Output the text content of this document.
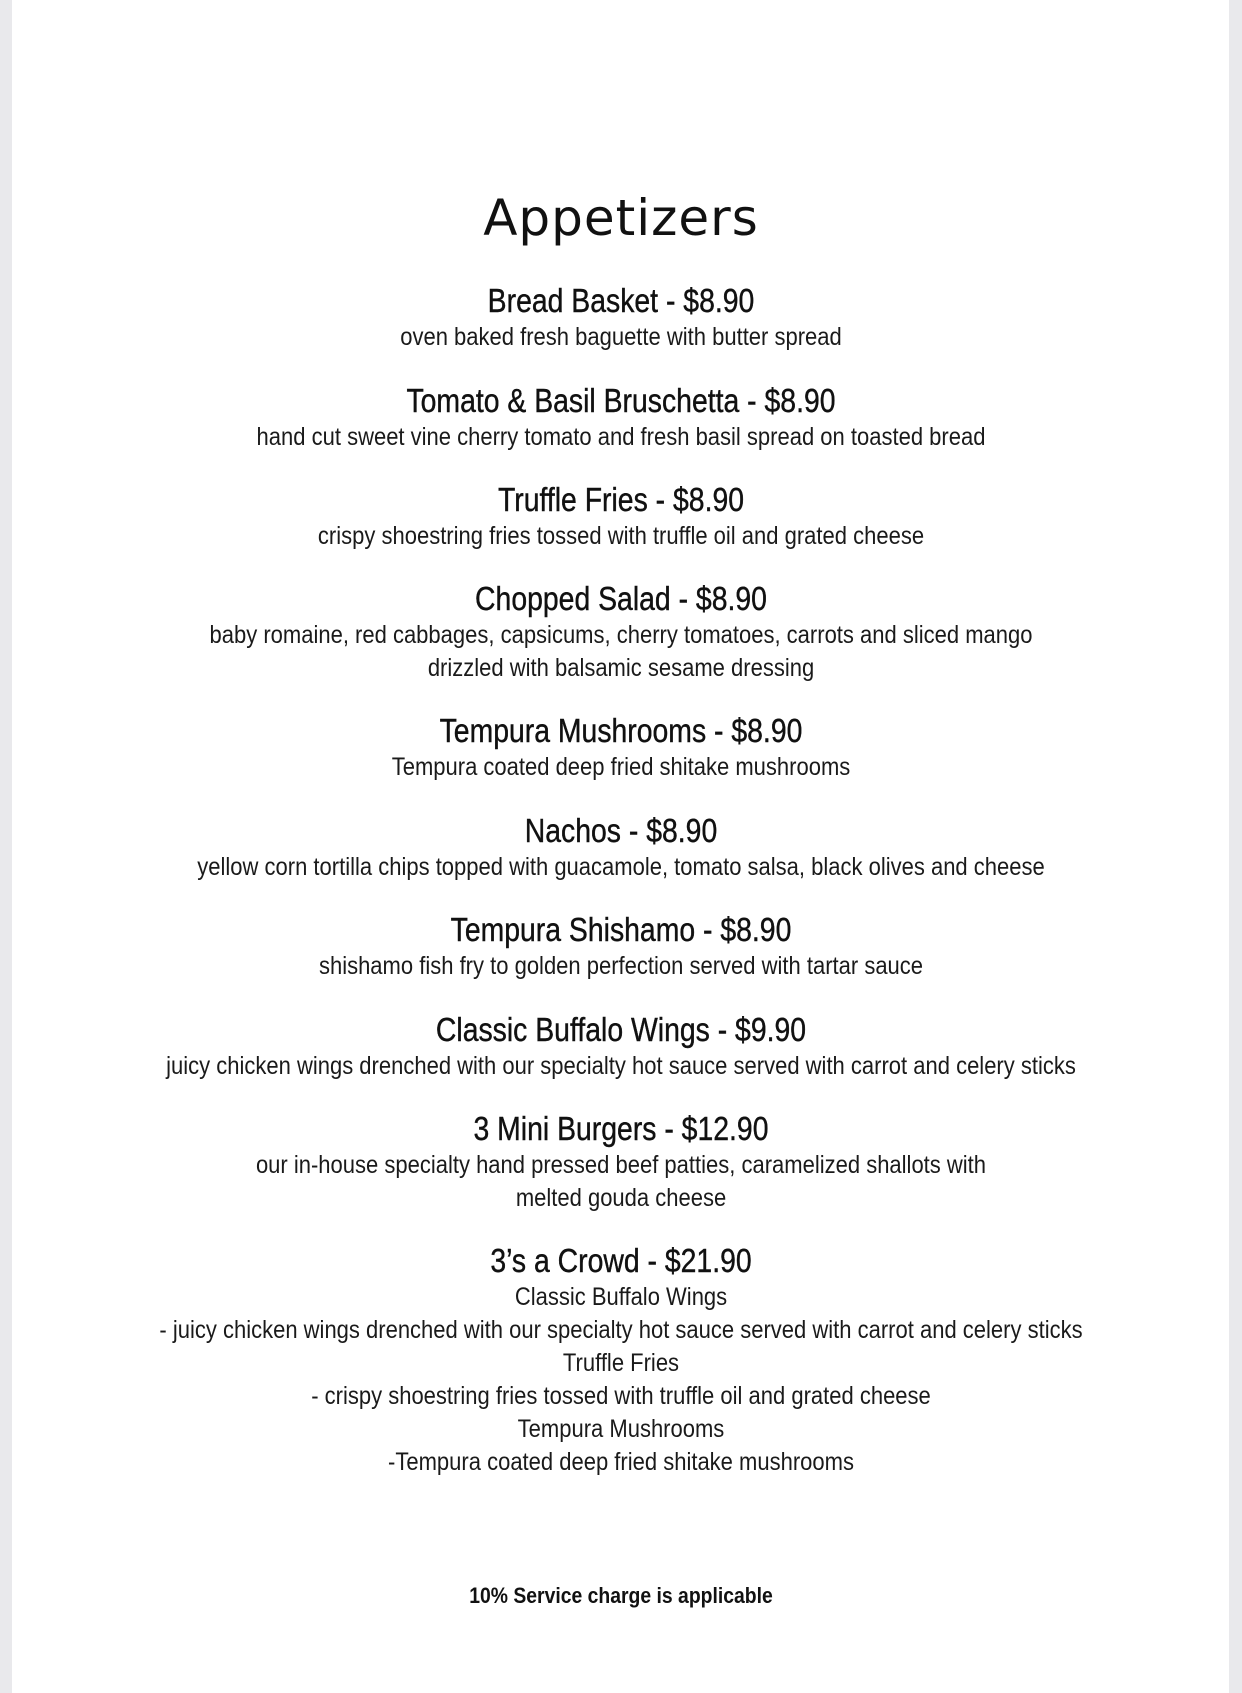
Appetizers
Bread Basket - $8.90
oven baked fresh baguette with butter spread
Tomato & Basil Bruschetta - $8.90
hand cut sweet vine cherry tomato and fresh basil spread on toasted bread
Truffle Fries - $8.90
crispy shoestring fries tossed with truffle oil and grated cheese
Chopped Salad - $8.90
baby romaine, red cabbages, capsicums, cherry tomatoes, carrots and sliced mango
drizzled with balsamic sesame dressing
Tempura Mushrooms - $8.90
Tempura coated deep fried shitake mushrooms
Nachos - $8.90
yellow corn tortilla chips topped with guacamole, tomato salsa, black olives and cheese
Tempura Shishamo - $8.90
shishamo fish fry to golden perfection served with tartar sauce
Classic Buffalo Wings - $9.90
juicy chicken wings drenched with our specialty hot sauce served with carrot and celery sticks
3 Mini Burgers - $12.90
our in-house specialty hand pressed beef patties, caramelized shallots with
melted gouda cheese
3’s a Crowd - $21.90
Classic Buffalo Wings
- juicy chicken wings drenched with our specialty hot sauce served with carrot and celery sticks
Truffle Fries
- crispy shoestring fries tossed with truffle oil and grated cheese
Tempura Mushrooms
-Tempura coated deep fried shitake mushrooms
10% Service charge is applicable
